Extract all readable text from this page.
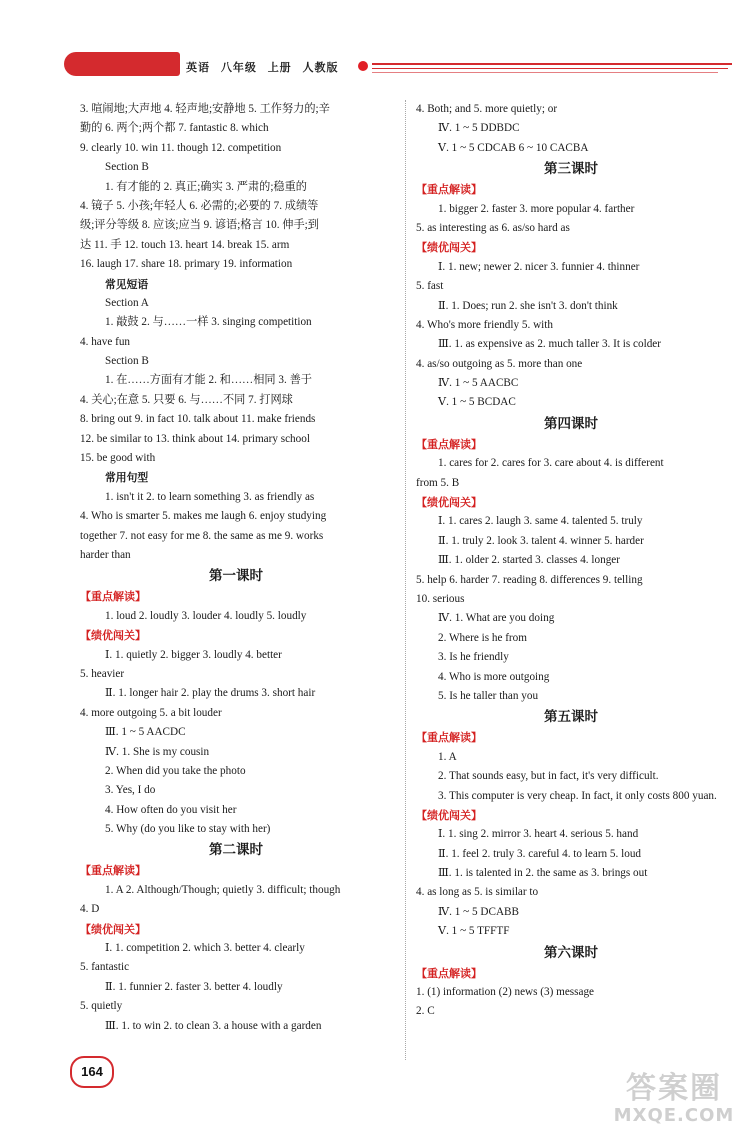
英语 八年级 上册 人教版
3. 喧闹地;大声地 4. 轻声地;安静地 5. 工作努力的;辛
勤的 6. 两个;两个都 7. fantastic 8. which
9. clearly 10. win 11. though 12. competition
Section B
1. 有才能的 2. 真正;确实 3. 严肃的;稳重的
4. 镜子 5. 小孩;年轻人 6. 必需的;必要的 7. 成绩等
级;评分等级 8. 应该;应当 9. 谚语;格言 10. 伸手;到
达 11. 手 12. touch 13. heart 14. break 15. arm
16. laugh 17. share 18. primary 19. information
常见短语
Section A
1. 敲鼓 2. 与……一样 3. singing competition
4. have fun
Section B
1. 在……方面有才能 2. 和……相同 3. 善于
4. 关心;在意 5. 只要 6. 与……不同 7. 打网球
8. bring out 9. in fact 10. talk about 11. make friends
12. be similar to 13. think about 14. primary school
15. be good with
常用句型
1. isn't it 2. to learn something 3. as friendly as
4. Who is smarter 5. makes me laugh 6. enjoy studying
together 7. not easy for me 8. the same as me 9. works
harder than
第一课时
【重点解读】
1. loud 2. loudly 3. louder 4. loudly 5. loudly
【绩优闯关】
Ⅰ. 1. quietly 2. bigger 3. loudly 4. better
5. heavier
Ⅱ. 1. longer hair 2. play the drums 3. short hair
4. more outgoing 5. a bit louder
Ⅲ. 1 ~ 5 AACDC
Ⅳ. 1. She is my cousin
2. When did you take the photo
3. Yes, I do
4. How often do you visit her
5. Why (do you like to stay with her)
第二课时
【重点解读】
1. A 2. Although/Though; quietly 3. difficult; though
4. D
【绩优闯关】
Ⅰ. 1. competition 2. which 3. better 4. clearly
5. fantastic
Ⅱ. 1. funnier 2. faster 3. better 4. loudly
5. quietly
Ⅲ. 1. to win 2. to clean 3. a house with a garden
4. Both; and 5. more quietly; or
Ⅳ. 1 ~ 5 DDBDC
Ⅴ. 1 ~ 5 CDCAB 6 ~ 10 CACBA
第三课时
【重点解读】
1. bigger 2. faster 3. more popular 4. farther
5. as interesting as 6. as/so hard as
【绩优闯关】
Ⅰ. 1. new; newer 2. nicer 3. funnier 4. thinner
5. fast
Ⅱ. 1. Does; run 2. she isn't 3. don't think
4. Who's more friendly 5. with
Ⅲ. 1. as expensive as 2. much taller 3. It is colder
4. as/so outgoing as 5. more than one
Ⅳ. 1 ~ 5 AACBC
Ⅴ. 1 ~ 5 BCDAC
第四课时
【重点解读】
1. cares for 2. cares for 3. care about 4. is different
from 5. B
【绩优闯关】
Ⅰ. 1. cares 2. laugh 3. same 4. talented 5. truly
Ⅱ. 1. truly 2. look 3. talent 4. winner 5. harder
Ⅲ. 1. older 2. started 3. classes 4. longer
5. help 6. harder 7. reading 8. differences 9. telling
10. serious
Ⅳ. 1. What are you doing
2. Where is he from
3. Is he friendly
4. Who is more outgoing
5. Is he taller than you
第五课时
【重点解读】
1. A
2. That sounds easy, but in fact, it's very difficult.
3. This computer is very cheap. In fact, it only costs 800 yuan.
【绩优闯关】
Ⅰ. 1. sing 2. mirror 3. heart 4. serious 5. hand
Ⅱ. 1. feel 2. truly 3. careful 4. to learn 5. loud
Ⅲ. 1. is talented in 2. the same as 3. brings out
4. as long as 5. is similar to
Ⅳ. 1 ~ 5 DCABB
Ⅴ. 1 ~ 5 TFFTF
第六课时
【重点解读】
1. (1) information (2) news (3) message
2. C
164	答案圈
MXQE.COM
